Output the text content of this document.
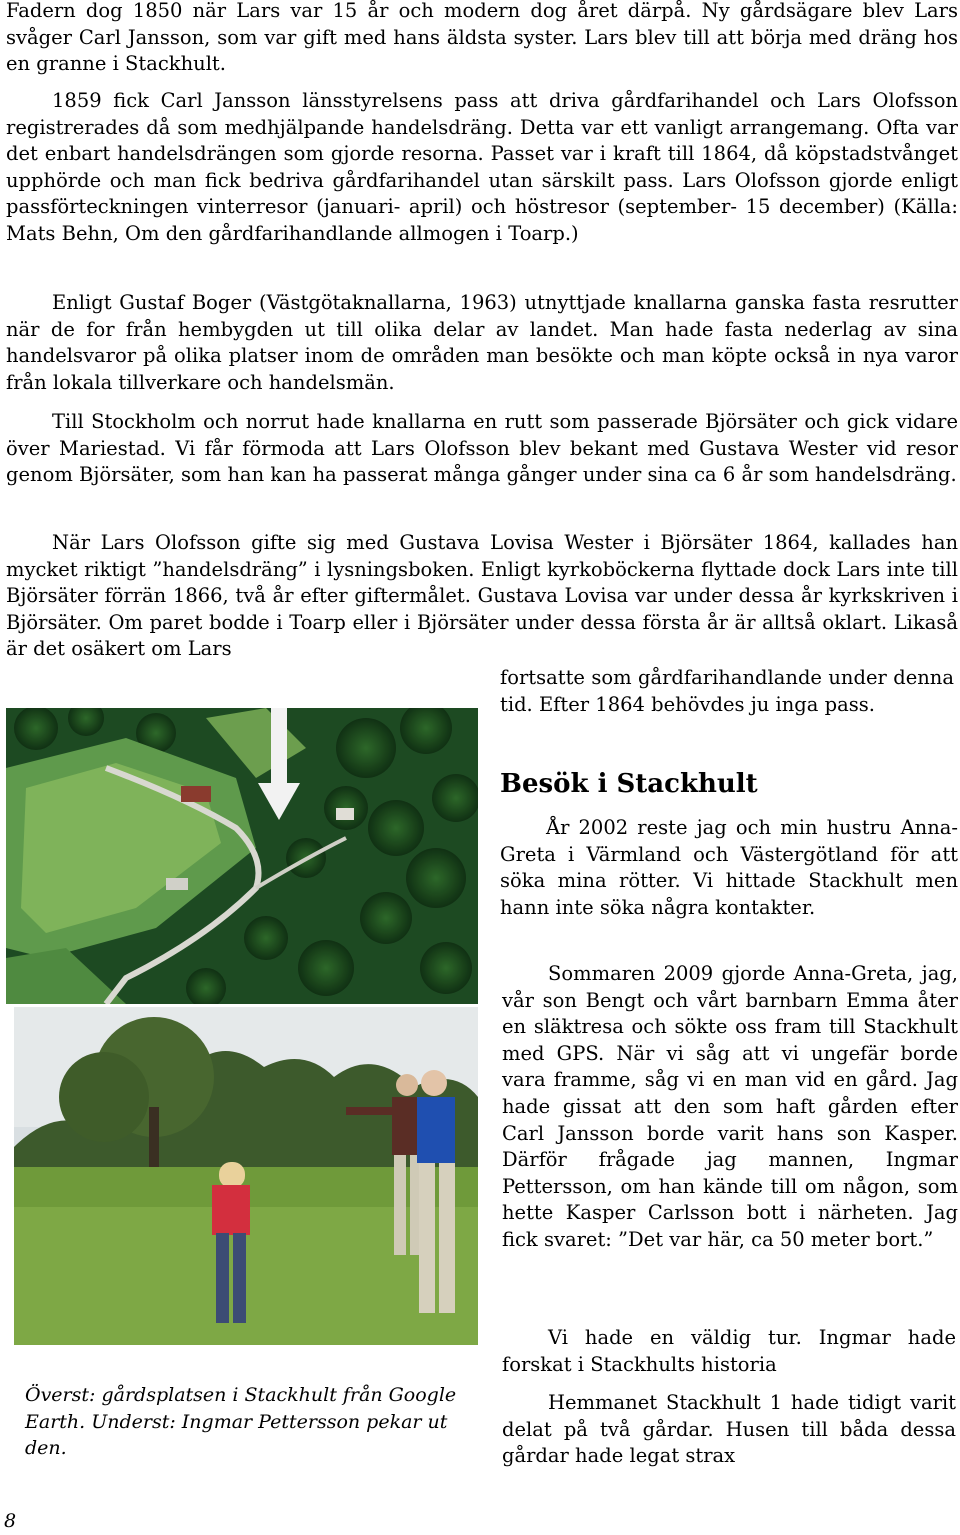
Fadern dog 1850 när Lars var 15 år och modern dog året därpå. Ny gårdsägare blev Lars svåger Carl Jansson, som var gift med hans äldsta syster. Lars blev till att börja med dräng hos en granne i Stackhult.

1859 fick Carl Jansson länsstyrelsens pass att driva gårdfarihandel och Lars Olofsson registrerades då som medhjälpande handelsdräng. Detta var ett vanligt arrangemang. Ofta var det enbart handelsdrängen som gjorde resorna. Passet var i kraft till 1864, då köpstadstvånget upphörde och man fick bedriva gårdfarihandel utan särskilt pass. Lars Olofsson gjorde enligt passförteckningen vinterresor (januari- april) och höstresor (september- 15 december) (Källa: Mats Behn, Om den gårdfarihandlande allmogen i Toarp.)

Enligt Gustaf Boger (Västgötaknallarna, 1963) utnyttjade knallarna ganska fasta resrutter när de for från hembygden ut till olika delar av landet. Man hade fasta nederlag av sina handelsvaror på olika platser inom de områden man besökte och man köpte också in nya varor från lokala tillverkare och handelsmän.

Till Stockholm och norrut hade knallarna en rutt som passerade Björsäter och gick vidare över Mariestad. Vi får förmoda att Lars Olofsson blev bekant med Gustava Wester vid resor genom Björsäter, som han kan ha passerat många gånger under sina ca 6 år som handelsdräng.

När Lars Olofsson gifte sig med Gustava Lovisa Wester i Björsäter 1864, kallades han mycket riktigt ”handelsdräng” i lysningsboken. Enligt kyrkoböckerna flyttade dock Lars inte till Björsäter förrän 1866, två år efter giftermålet. Gustava Lovisa var under dessa år kyrkskriven i Björsäter. Om paret bodde i Toarp eller i Björsäter under dessa första år är alltså oklart. Likaså är det osäkert om Lars

fortsatte som gårdfarihandlande under denna tid. Efter 1864 behövdes ju inga pass.

Besök i Stackhult

År 2002 reste jag och min hustru Anna-Greta i Värmland och Västergötland för att söka mina rötter. Vi hittade Stackhult men hann inte söka några kontakter.

Sommaren 2009 gjorde Anna-Greta, jag, vår son Bengt och vårt barnbarn Emma åter en släktresa och sökte oss fram till Stackhult med GPS. När vi såg att vi ungefär borde vara framme, såg vi en man vid en gård. Jag hade gissat att den som haft gården efter Carl Jansson borde varit hans son Kasper. Därför frågade jag mannen, Ingmar Pettersson, om han kände till om någon, som hette Kasper Carlsson bott i närheten. Jag fick svaret: ”Det var här, ca 50 meter bort.”

Vi hade en väldig tur. Ingmar hade forskat i Stackhults historia

Hemmanet Stackhult 1 hade tidigt varit delat på två gårdar. Husen till båda dessa gårdar hade legat strax

Överst: gårdsplatsen i Stackhult från Google Earth. Underst: Ingmar Pettersson pekar ut den.

8
